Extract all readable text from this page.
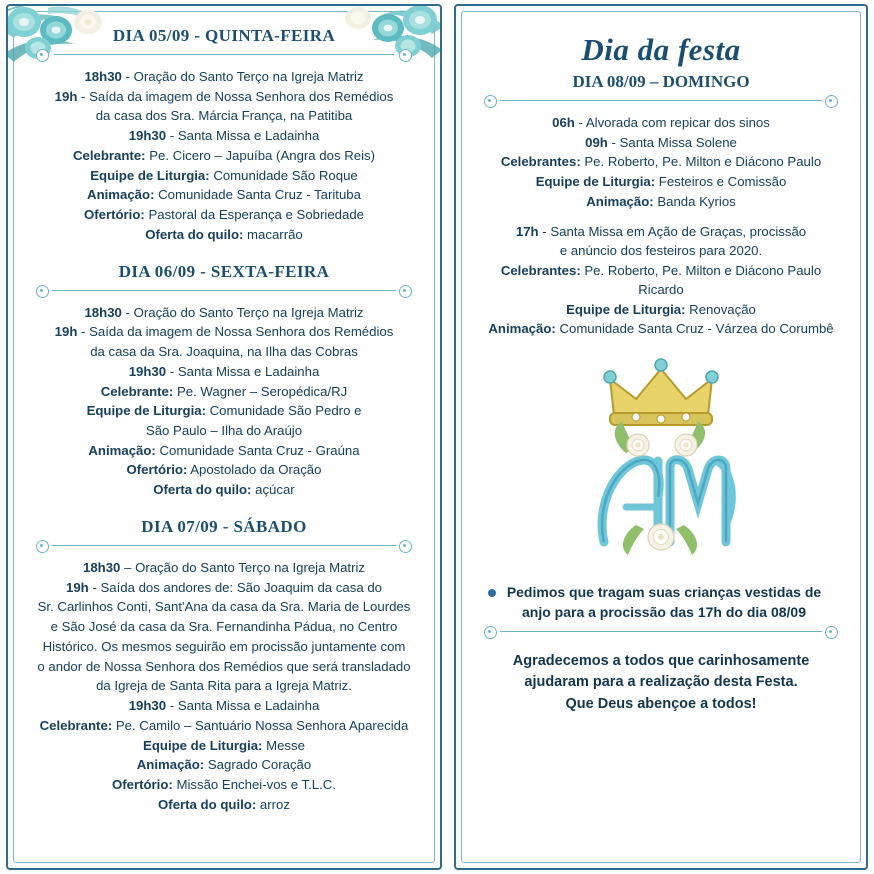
DIA 05/09 - QUINTA-FEIRA

18h30 - Oração do Santo Terço na Igreja Matriz

19h - Saída da imagem de Nossa Senhora dos Remédios

da casa dos Sra. Márcia França, na Patitiba

19h30 - Santa Missa e Ladainha

Celebrante: Pe. Cicero – Japuíba (Angra dos Reis)

Equipe de Liturgia: Comunidade São Roque

Animação: Comunidade Santa Cruz - Tarituba

Ofertório: Pastoral da Esperança e Sobriedade

Oferta do quilo: macarrão

DIA 06/09 - SEXTA-FEIRA

18h30 - Oração do Santo Terço na Igreja Matriz

19h - Saída da imagem de Nossa Senhora dos Remédios

da casa da Sra. Joaquina, na Ilha das Cobras

19h30 - Santa Missa e Ladainha

Celebrante: Pe. Wagner – Seropédica/RJ

Equipe de Liturgia: Comunidade São Pedro e

São Paulo – Ilha do Araújo

Animação: Comunidade Santa Cruz - Graúna

Ofertório: Apostolado da Oração

Oferta do quilo: açúcar

DIA 07/09 - SÁBADO

18h30 – Oração do Santo Terço na Igreja Matriz

19h - Saída dos andores de: São Joaquim da casa do

Sr. Carlinhos Conti, Sant'Ana da casa da Sra. Maria de Lourdes

e São José da casa da Sra. Fernandinha Pádua, no Centro

Histórico. Os mesmos seguirão em procissão juntamente com

o andor de Nossa Senhora dos Remédios que será transladado

da Igreja de Santa Rita para a Igreja Matriz.

19h30 - Santa Missa e Ladainha

Celebrante: Pe. Camilo – Santuário Nossa Senhora Aparecida

Equipe de Liturgia: Messe

Animação: Sagrado Coração

Ofertório: Missão Enchei-vos e T.L.C.

Oferta do quilo: arroz

Dia da festa
DIA 08/09 – DOMINGO

06h - Alvorada com repicar dos sinos

09h - Santa Missa Solene

Celebrantes: Pe. Roberto, Pe. Milton e Diácono Paulo

Equipe de Liturgia: Festeiros e Comissão

Animação: Banda Kyrios

17h - Santa Missa em Ação de Graças, procissão

e anúncio dos festeiros para 2020.

Celebrantes: Pe. Roberto, Pe. Milton e Diácono Paulo Ricardo

Equipe de Liturgia: Renovação

Animação: Comunidade Santa Cruz - Várzea do Corumbê

Pedimos que tragam suas crianças vestidas de anjo para a procissão das 17h do dia 08/09
Agradecemos a todos que carinhosamente
ajudaram para a realização desta Festa.
Que Deus abençoe a todos!
